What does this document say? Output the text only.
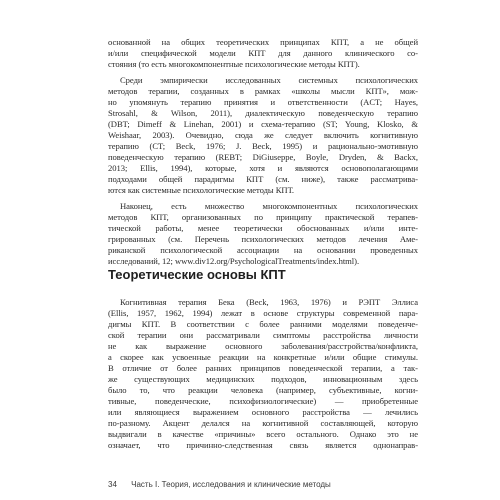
основанной на общих теоретических принципах КПТ, а не общей
и/или специфической модели КПТ для данного клинического со-
стояния (то есть многокомпонентные психологические методы КПТ).
Среди эмпирически исследованных системных психологических
методов терапии, созданных в рамках «школы мысли КПТ», мож-
но упомянуть терапию принятия и ответственности (ACT; Hayes,
Strosahl, & Wilson, 2011), диалектическую поведенческую терапию
(DBT; Dimeff & Linehan, 2001) и схема-терапию (ST; Young, Klosko, &
Weishaar, 2003). Очевидно, сюда же следует включить когнитивную
терапию (CT; Beck, 1976; J. Beck, 1995) и рационально-эмотивную
поведенческую терапию (REBT; DiGiuseppe, Boyle, Dryden, & Backx,
2013; Ellis, 1994), которые, хотя и являются основополагающими
подходами общей парадигмы КПТ (см. ниже), также рассматрива-
ются как системные психологические методы КПТ.
Наконец, есть множество многокомпонентных психологических
методов КПТ, организованных по принципу практической терапев-
тической работы, менее теоретически обоснованных и/или инте-
грированных (см. Перечень психологических методов лечения Аме-
риканской психологической ассоциации на основании проведенных
исследований, 12; www.div12.org/PsychologicalTreatments/index.html).
Теоретические основы КПТ
Когнитивная терапия Бека (Beck, 1963, 1976) и РЭПТ Эллиса
(Ellis, 1957, 1962, 1994) лежат в основе структуры современной пара-
дигмы КПТ. В соответствии с более ранними моделями поведенче-
ской терапии они рассматривали симптомы расстройства личности
не как выражение основного заболевания/расстройства/конфликта,
а скорее как усвоенные реакции на конкретные и/или общие стимулы.
В отличие от более ранних принципов поведенческой терапии, а так-
же существующих медицинских подходов, инновационным здесь
было то, что реакции человека (например, субъективные, когни-
тивные, поведенческие, психофизиологические) — приобретенные
или являющиеся выражением основного расстройства — лечились
по-разному. Акцент делался на когнитивной составляющей, которую
выдвигали в качестве «причины» всего остального. Однако это не
означает, что причинно-следственная связь является однонаправ-
34 Часть I. Теория, исследования и клинические методы
